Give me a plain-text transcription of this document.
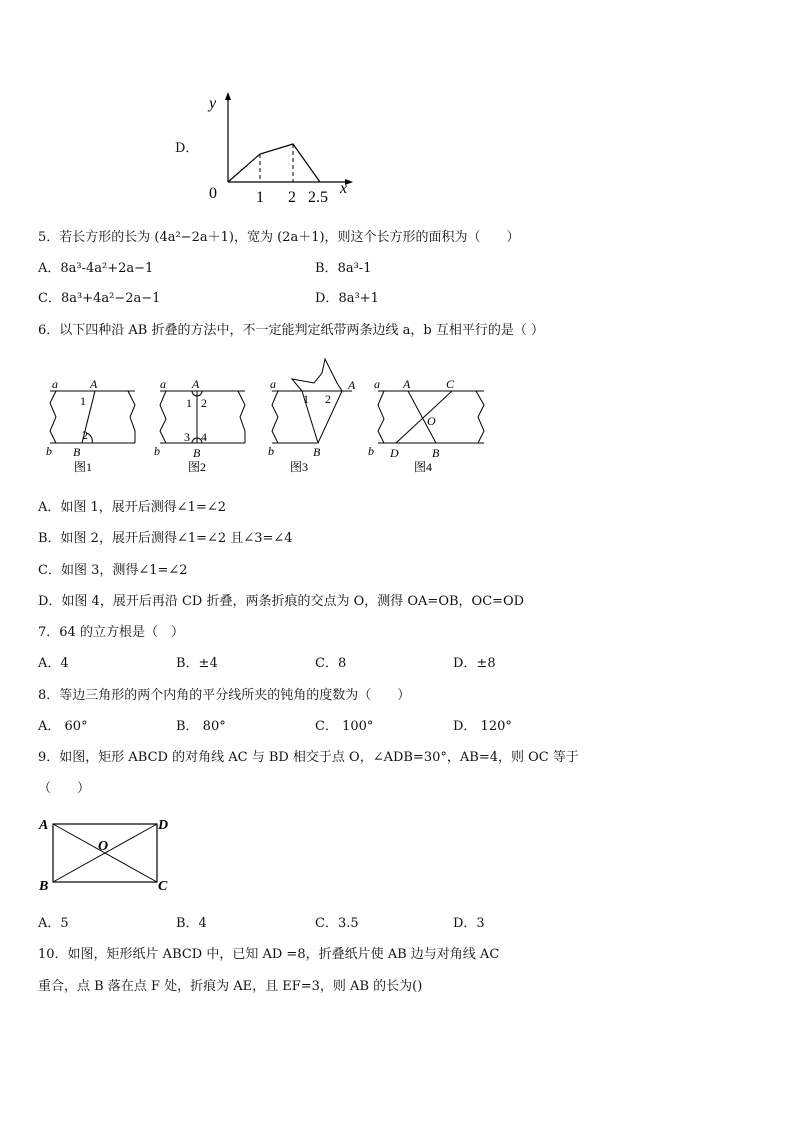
D．
y
x
0 1 2 2.5
5．若长方形的长为 (4a²−2a＋1)，宽为 (2a＋1)，则这个长方形的面积为（　　）
A．8a³-4a²+2a−1	B．8a³-1
C．8a³+4a²−2a−1	D．8a³+1
6．以下四种沿 AB 折叠的方法中，不一定能判定纸带两条边线 a，b 互相平行的是（ ）
a	A
1
2
b B
图1
a A
1 2
3 4
b	B
图2
a	A
1 2
b	B
图3
a A	C
O
b D	B
图4
A．如图 1，展开后测得∠1=∠2
B．如图 2，展开后测得∠1=∠2 且∠3=∠4
C．如图 3，测得∠1=∠2
D．如图 4，展开后再沿 CD 折叠，两条折痕的交点为 O，测得 OA=OB，OC=OD
7．64 的立方根是（　）
A．4	B．±4	C．8	D．±8
8．等边三角形的两个内角的平分线所夹的钝角的度数为（　　）
A． 60°	B． 80°	C． 100°	D． 120°
9．如图，矩形 ABCD 的对角线 AC 与 BD 相交于点 O，∠ADB=30°，AB=4，则 OC 等于
（　　）
A	D
B	C
O
A．5	B．4	C．3.5	D．3
10．如图，矩形纸片 ABCD 中，已知 AD =8，折叠纸片使 AB 边与对角线 AC
重合，点 B 落在点 F 处，折痕为 AE，且 EF=3，则 AB 的长为()
